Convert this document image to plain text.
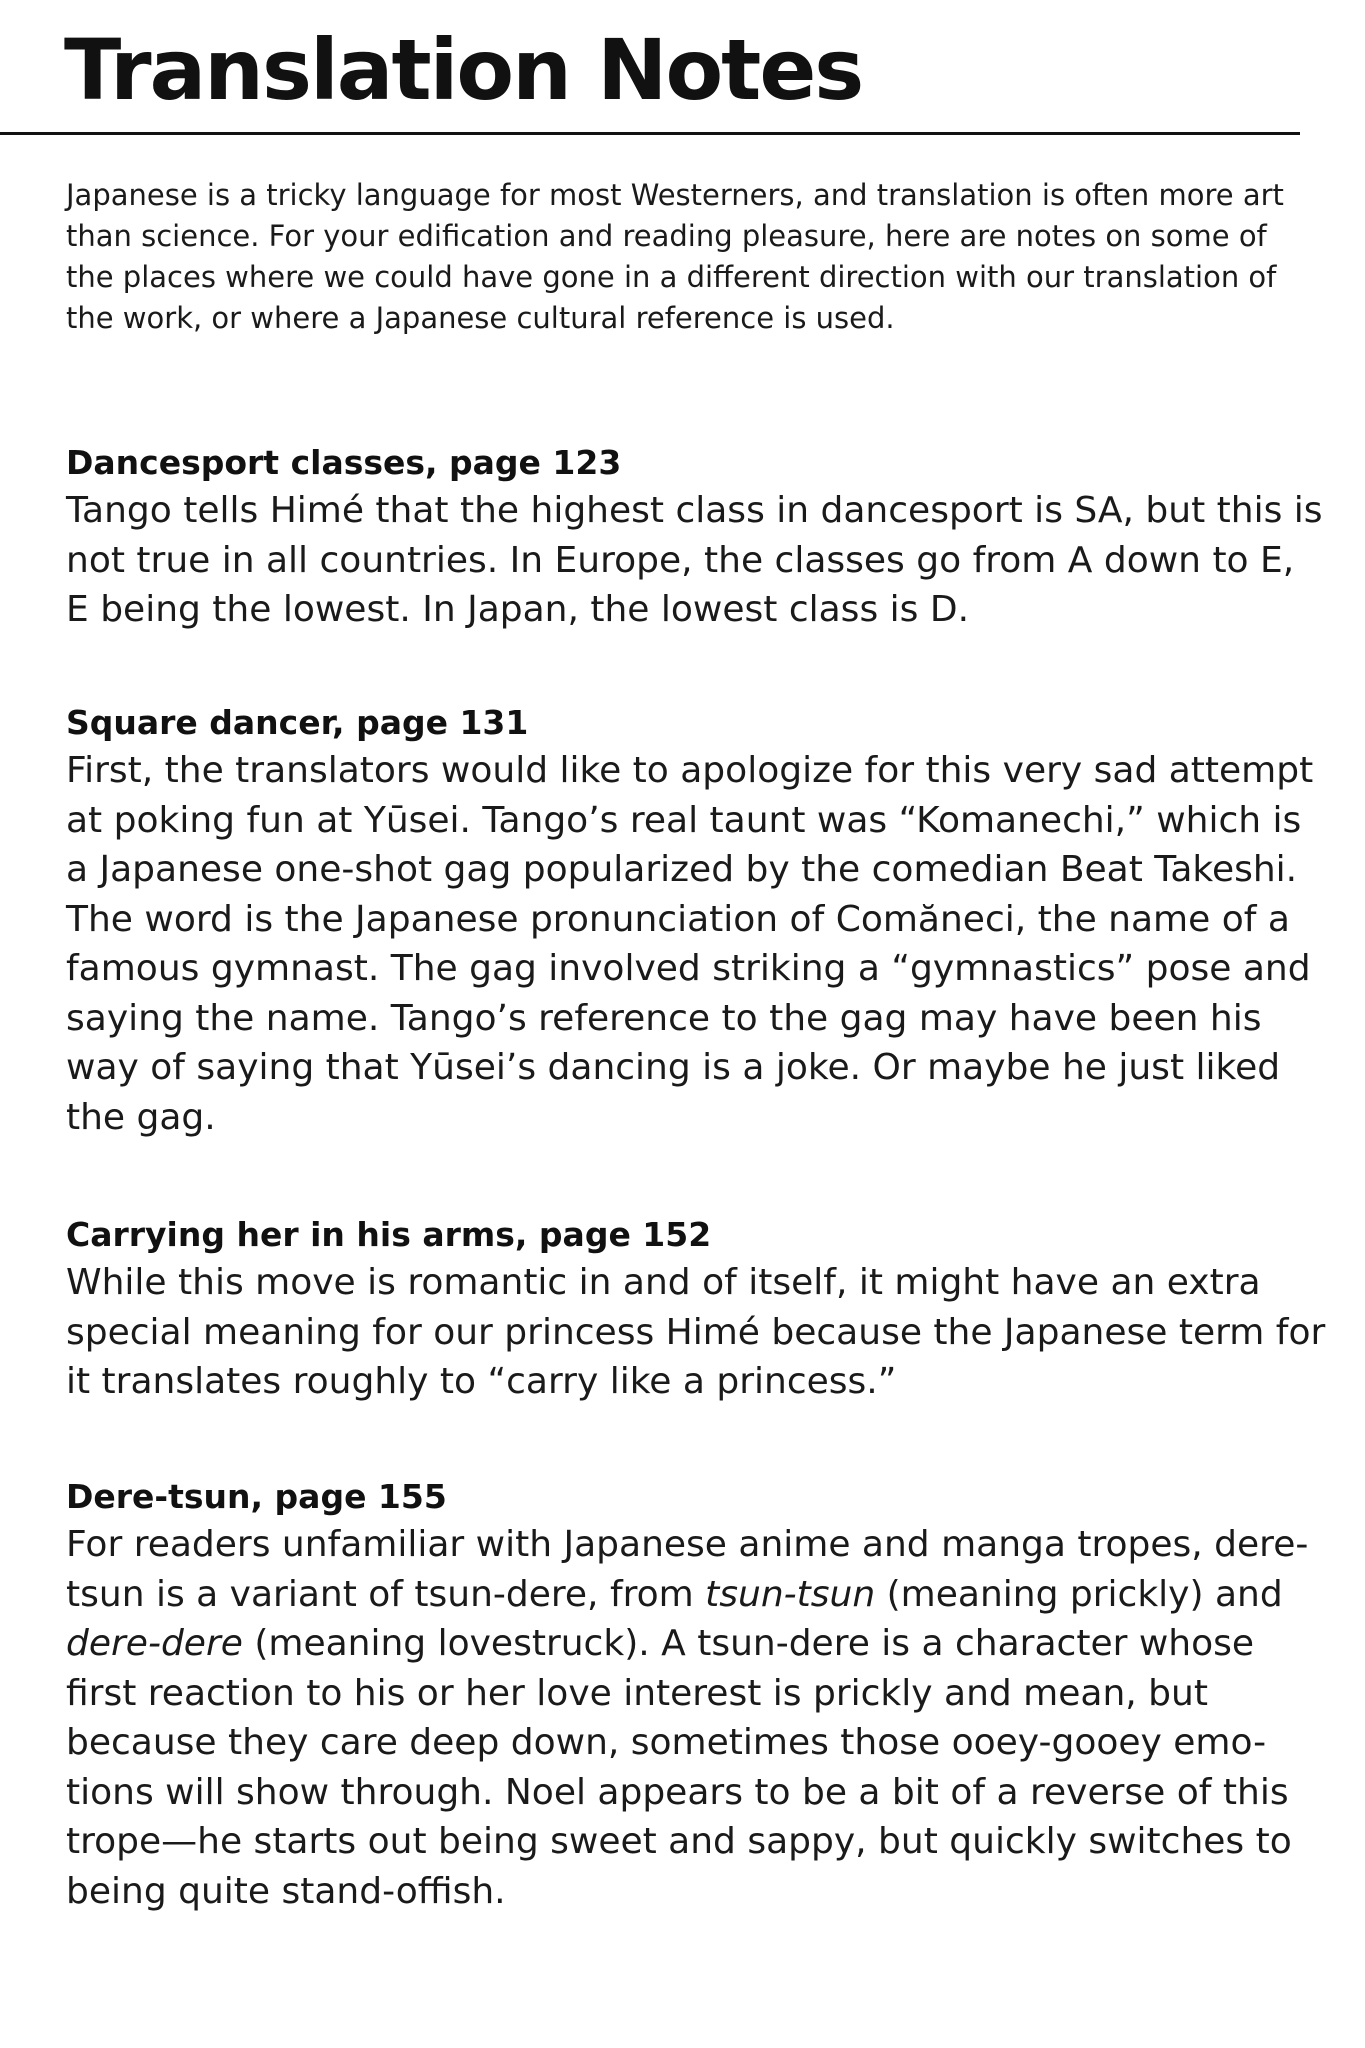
Translation Notes

Japanese is a tricky language for most Westerners, and translation is often more art than science. For your edification and reading pleasure, here are notes on some of the places where we could have gone in a different direction with our translation of the work, or where a Japanese cultural reference is used.

Dancesport classes, page 123

Tango tells Himé that the highest class in dancesport is SA, but this is not true in all countries. In Europe, the classes go from A down to E, E being the lowest. In Japan, the lowest class is D.

Square dancer, page 131

First, the translators would like to apologize for this very sad attempt at poking fun at Yūsei. Tango’s real taunt was “Komanechi,” which is a Japanese one-shot gag popularized by the comedian Beat Takeshi. The word is the Japanese pronunciation of Comăneci, the name of a famous gymnast. The gag involved striking a “gymnastics” pose and saying the name. Tango’s reference to the gag may have been his way of saying that Yūsei’s dancing is a joke. Or maybe he just liked the gag.

Carrying her in his arms, page 152

While this move is romantic in and of itself, it might have an extra special meaning for our princess Himé because the Japanese term for it translates roughly to “carry like a princess.”

Dere-tsun, page 155

For readers unfamiliar with Japanese anime and manga tropes, dere-tsun is a variant of tsun-dere, from tsun-tsun (meaning prickly) and dere-dere (meaning lovestruck). A tsun-dere is a character whose first reaction to his or her love interest is prickly and mean, but because they care deep down, sometimes those ooey-gooey emo-tions will show through. Noel appears to be a bit of a reverse of this trope—he starts out being sweet and sappy, but quickly switches to being quite stand-offish.
